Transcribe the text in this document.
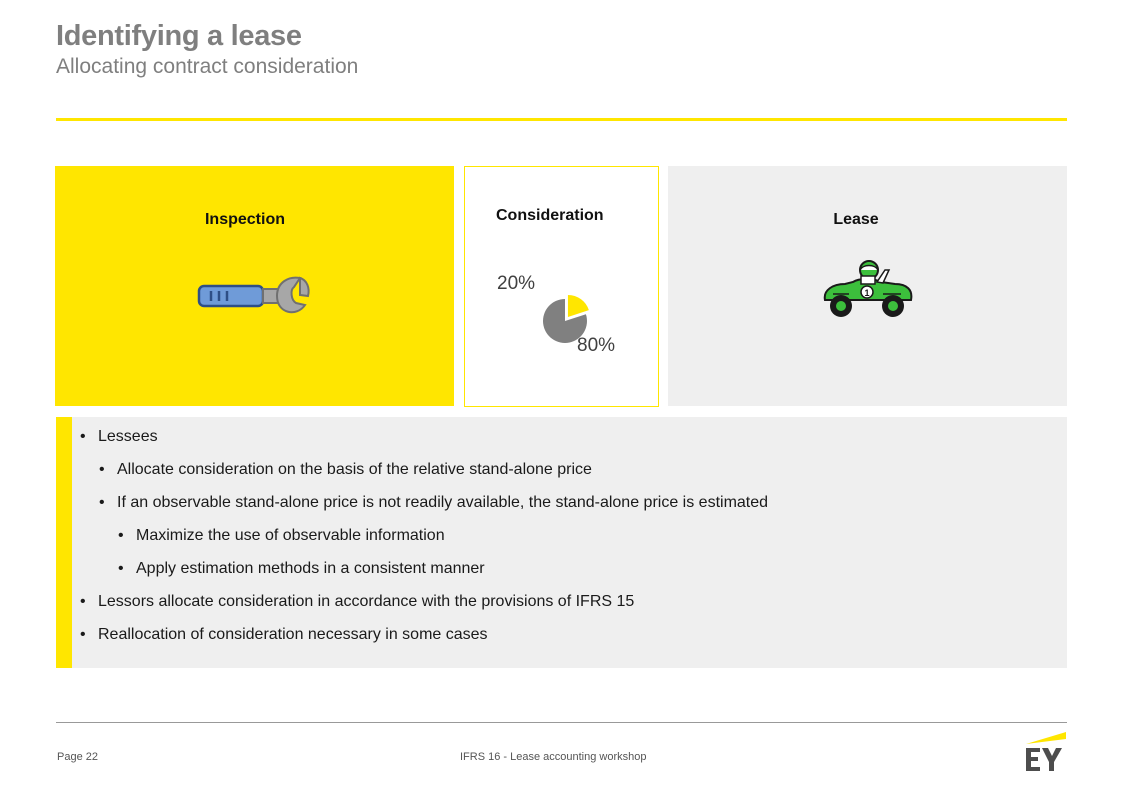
Identifying a lease
Allocating contract consideration
Inspection	Consideration
20%
80%
Lease
1
• Lessees
• Allocate consideration on the basis of the relative stand-alone price
• If an observable stand-alone price is not readily available, the stand-alone price is estimated
• Maximize the use of observable information
• Apply estimation methods in a consistent manner
• Lessors allocate consideration in accordance with the provisions of IFRS 15
• Reallocation of consideration necessary in some cases
Page 22	IFRS 16 - Lease accounting workshop
